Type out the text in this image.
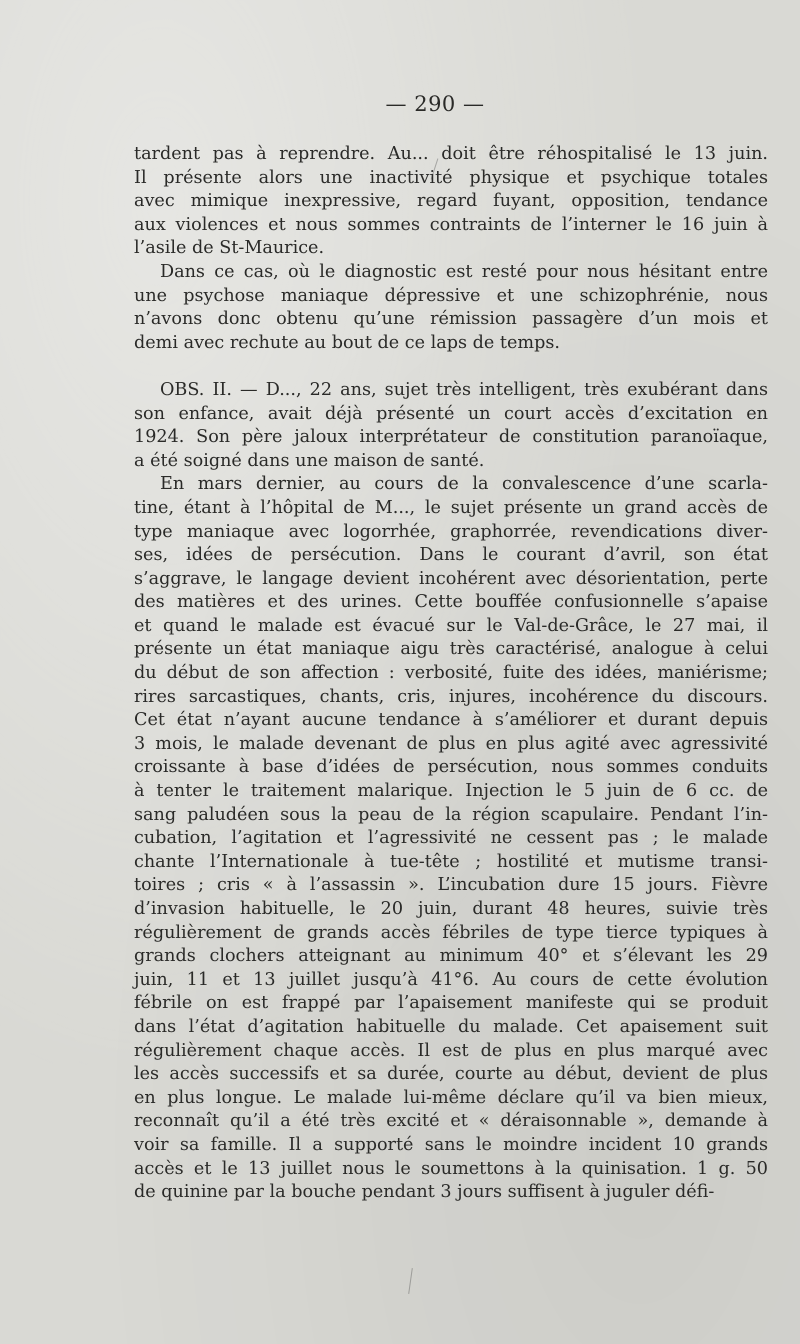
— 290 —
tardent pas à reprendre. Au... doit être réhospitalisé le 13 juin.
Il présente alors une inactivité physique et psychique totales
avec mimique inexpressive, regard fuyant, opposition, tendance
aux violences et nous sommes contraints de l’interner le 16 juin à
l’asile de St-Maurice.
Dans ce cas, où le diagnostic est resté pour nous hésitant entre
une psychose maniaque dépressive et une schizophrénie, nous
n’avons donc obtenu qu’une rémission passagère d’un mois et
demi avec rechute au bout de ce laps de temps.
OBS. II. — D..., 22 ans, sujet très intelligent, très exubérant dans
son enfance, avait déjà présenté un court accès d’excitation en
1924. Son père jaloux interprétateur de constitution paranoïaque,
a été soigné dans une maison de santé.
En mars dernier, au cours de la convalescence d’une scarla-
tine, étant à l’hôpital de M..., le sujet présente un grand accès de
type maniaque avec logorrhée, graphorrée, revendications diver-
ses, idées de persécution. Dans le courant d’avril, son état
s’aggrave, le langage devient incohérent avec désorientation, perte
des matières et des urines. Cette bouffée confusionnelle s’apaise
et quand le malade est évacué sur le Val-de-Grâce, le 27 mai, il
présente un état maniaque aigu très caractérisé, analogue à celui
du début de son affection : verbosité, fuite des idées, maniérisme;
rires sarcastiques, chants, cris, injures, incohérence du discours.
Cet état n’ayant aucune tendance à s’améliorer et durant depuis
3 mois, le malade devenant de plus en plus agité avec agressivité
croissante à base d’idées de persécution, nous sommes conduits
à tenter le traitement malarique. Injection le 5 juin de 6 cc. de
sang paludéen sous la peau de la région scapulaire. Pendant l’in-
cubation, l’agitation et l’agressivité ne cessent pas ; le malade
chante l’Internationale à tue-tête ; hostilité et mutisme transi-
toires ; cris « à l’assassin ». L’incubation dure 15 jours. Fièvre
d’invasion habituelle, le 20 juin, durant 48 heures, suivie très
régulièrement de grands accès fébriles de type tierce typiques à
grands clochers atteignant au minimum 40° et s’élevant les 29
juin, 11 et 13 juillet jusqu’à 41°6. Au cours de cette évolution
fébrile on est frappé par l’apaisement manifeste qui se produit
dans l’état d’agitation habituelle du malade. Cet apaisement suit
régulièrement chaque accès. Il est de plus en plus marqué avec
les accès successifs et sa durée, courte au début, devient de plus
en plus longue. Le malade lui-même déclare qu’il va bien mieux,
reconnaît qu’il a été très excité et « déraisonnable », demande à
voir sa famille. Il a supporté sans le moindre incident 10 grands
accès et le 13 juillet nous le soumettons à la quinisation. 1 g. 50
de quinine par la bouche pendant 3 jours suffisent à juguler défi-
